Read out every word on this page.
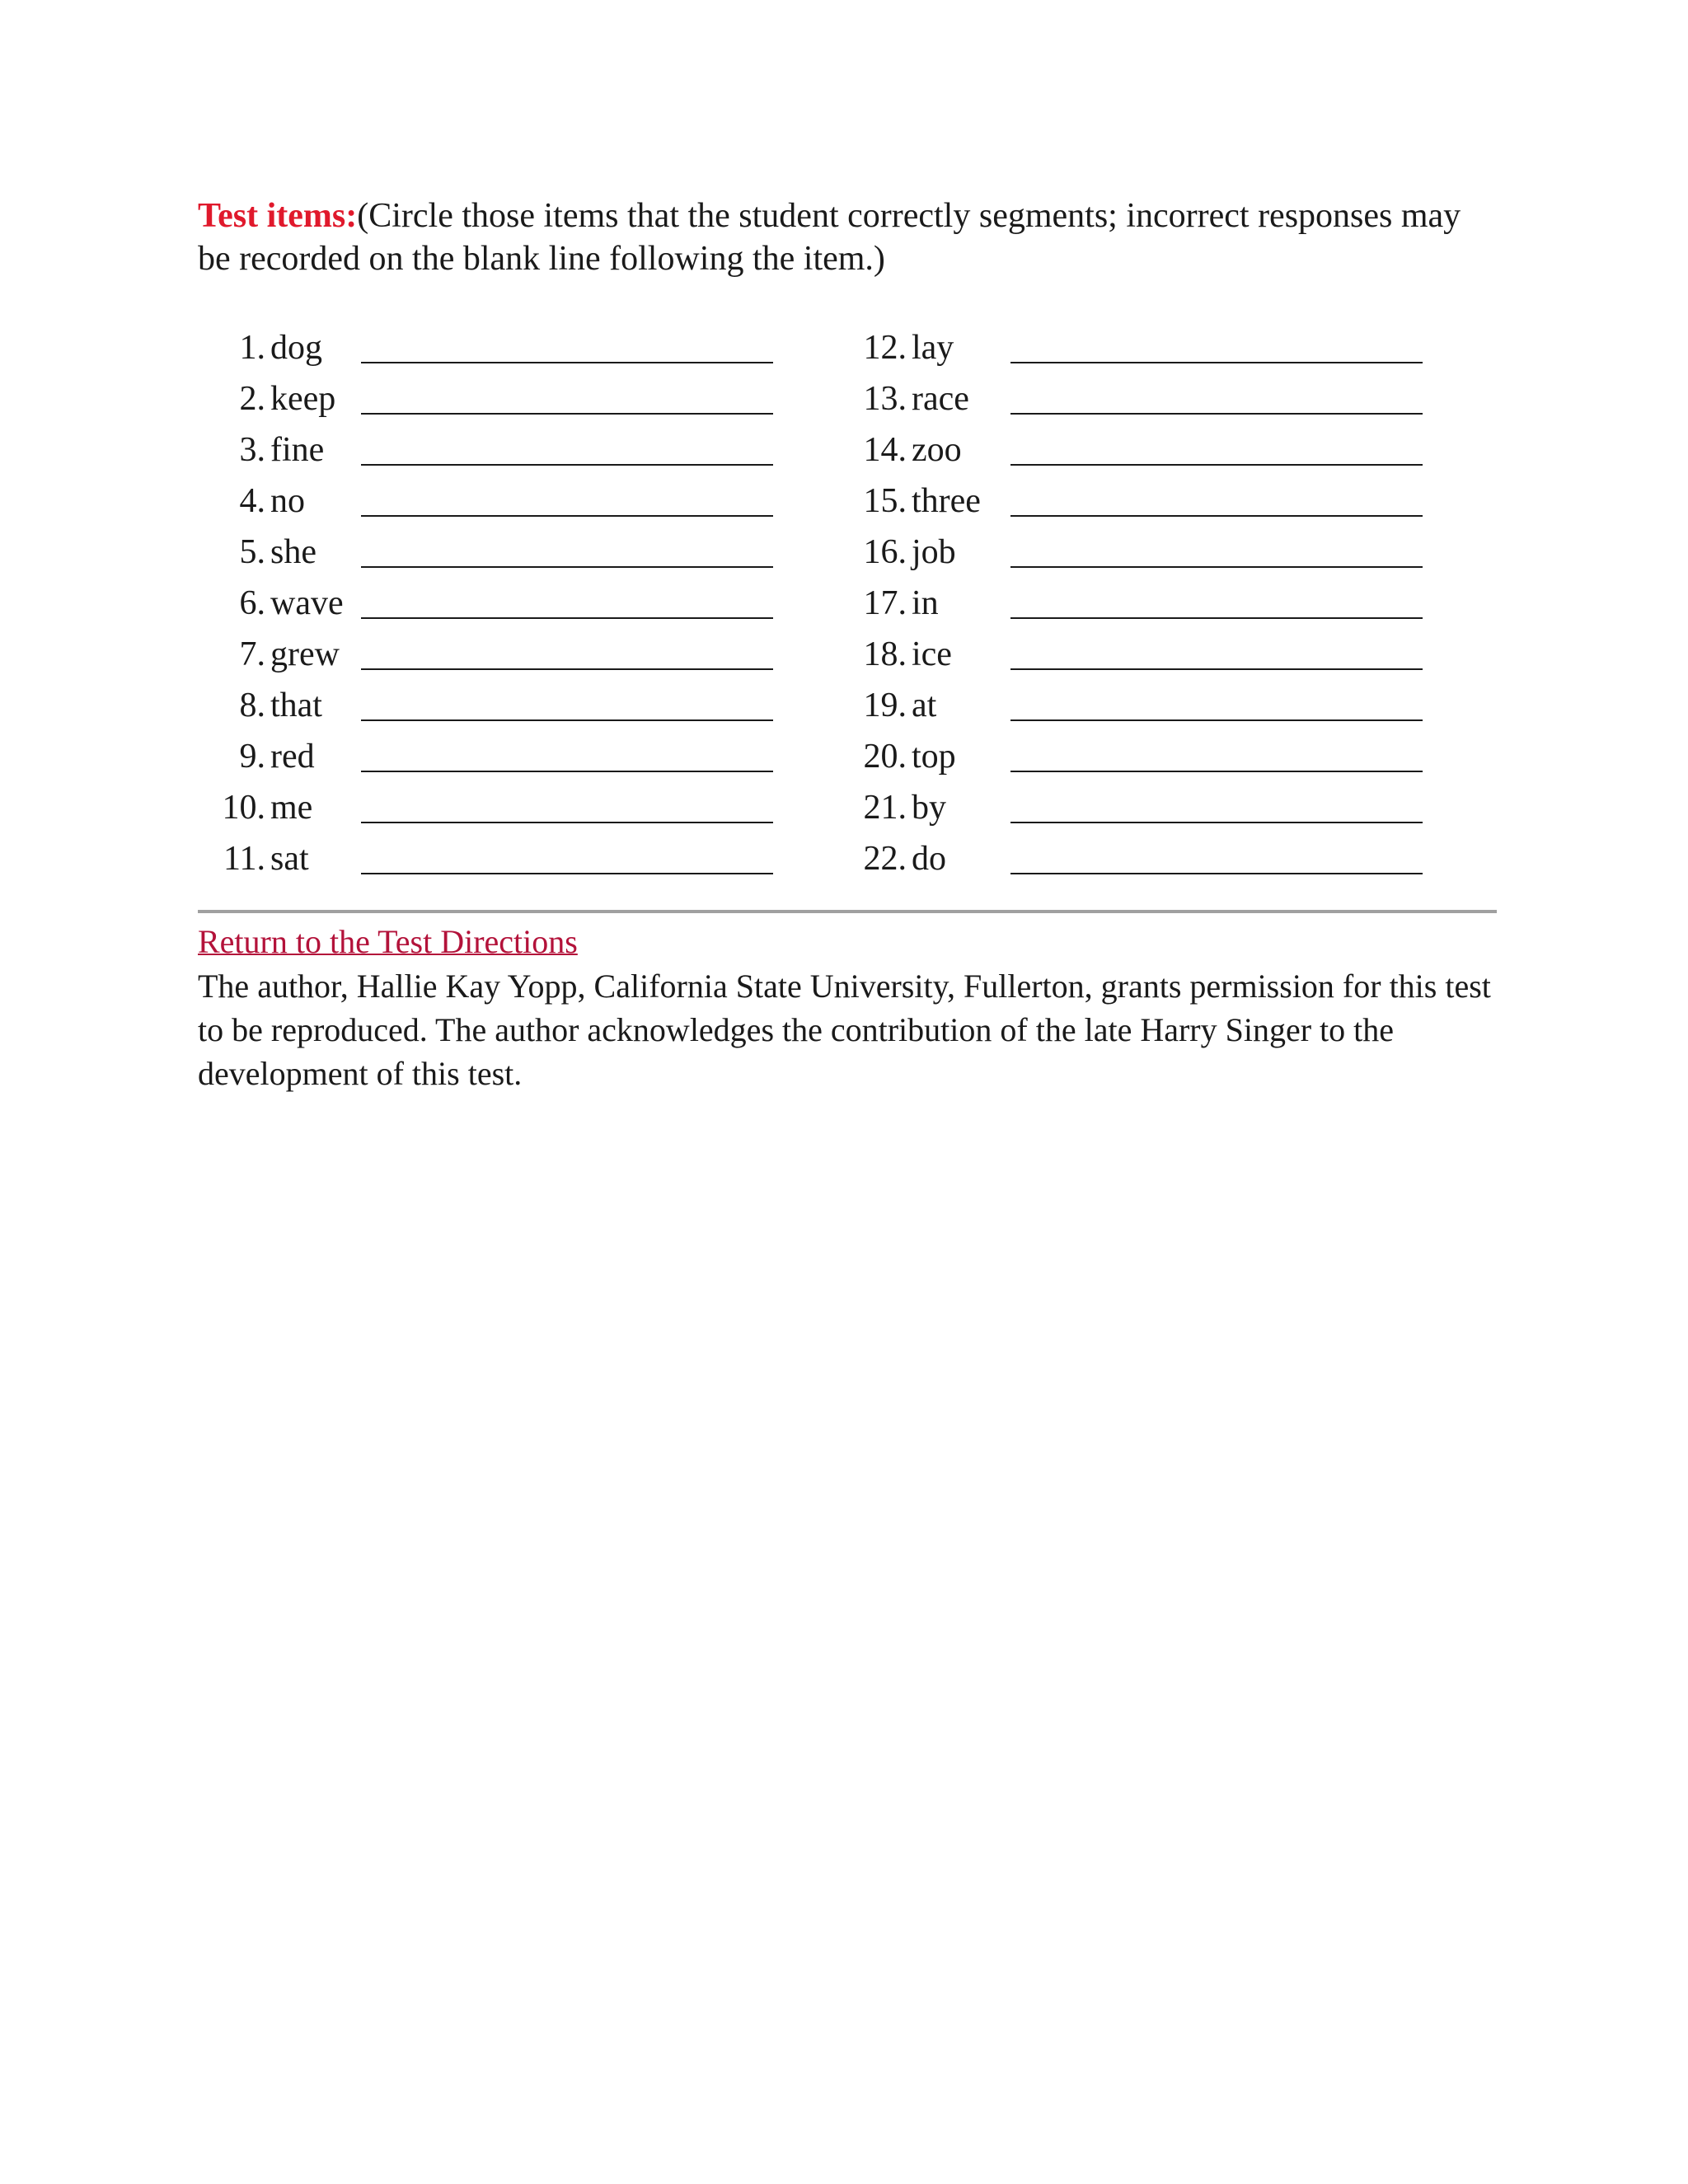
Test items:(Circle those items that the student correctly segments; incorrect responses may be recorded on the blank line following the item.)
1. dog
2. keep
3. fine
4. no
5. she
6. wave
7. grew
8. that
9. red
10. me
11. sat
12. lay
13. race
14. zoo
15. three
16. job
17. in
18. ice
19. at
20. top
21. by
22. do
Return to the Test Directions
The author, Hallie Kay Yopp, California State University, Fullerton, grants permission for this test to be reproduced. The author acknowledges the contribution of the late Harry Singer to the development of this test.
